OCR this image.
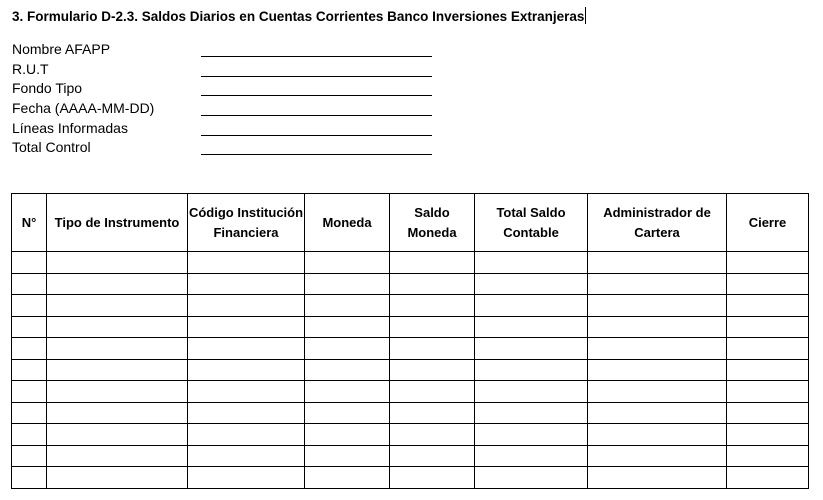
3. Formulario D-2.3. Saldos Diarios en Cuentas Corrientes Banco Inversiones Extranjeras
Nombre AFAPP
R.U.T
Fondo Tipo
Fecha (AAAA-MM-DD)
Líneas Informadas
Total Control
N°	Tipo de Instrumento	Código Institución Financiera	Moneda	Saldo Moneda	Total Saldo Contable	Administrador de Cartera	Cierre
